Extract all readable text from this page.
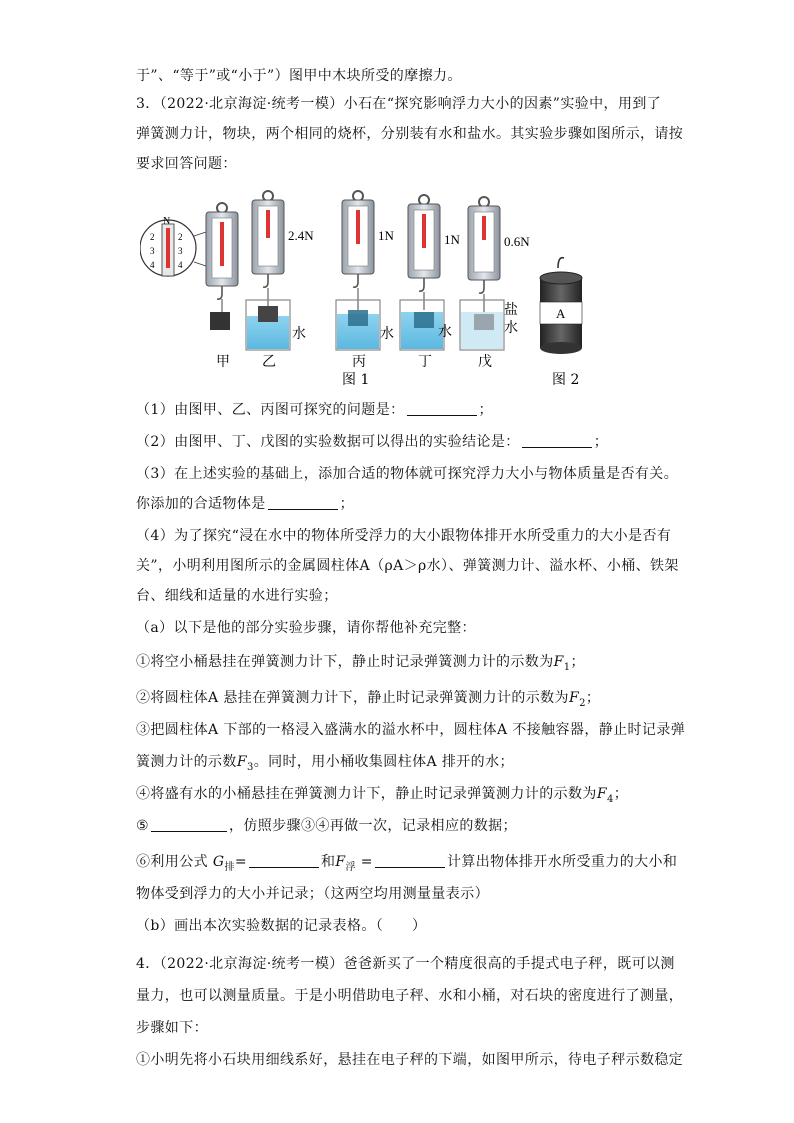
于”、“等于”或“小于”）图甲中木块所受的摩擦力。
3．（2022·北京海淀·统考一模）小石在“探究影响浮力大小的因素”实验中，用到了
弹簧测力计，物块，两个相同的烧杯，分别装有水和盐水。其实验步骤如图所示，请按
要求回答问题：
N
2
3
4
2
3
4
2.4N	1N	1N	0.6N
水	水	水
盐
水
A
甲 乙	丙	丁	戊
图 1	图 2
（1）由图甲、乙、丙图可探究的问题是：	；
（2）由图甲、丁、戊图的实验数据可以得出的实验结论是：	；
（3）在上述实验的基础上，添加合适的物体就可探究浮力大小与物体质量是否有关。
你添加的合适物体是	；
（4）为了探究“浸在水中的物体所受浮力的大小跟物体排开水所受重力的大小是否有
关”，小明利用图所示的金属圆柱体A（ρA＞ρ水）、弹簧测力计、溢水杯、小桶、铁架
台、细线和适量的水进行实验；
（a）以下是他的部分实验步骤，请你帮他补充完整：
①将空小桶悬挂在弹簧测力计下，静止时记录弹簧测力计的示数为$F_1$；
②将圆柱体A 悬挂在弹簧测力计下，静止时记录弹簧测力计的示数为$F_2$；
③把圆柱体A 下部的一格浸入盛满水的溢水杯中，圆柱体A 不接触容器，静止时记录弹
簧测力计的示数$F_3$。同时，用小桶收集圆柱体A 排开的水；
④将盛有水的小桶悬挂在弹簧测力计下，静止时记录弹簧测力计的示数为$F_4$；
⑤	，仿照步骤③④再做一次，记录相应的数据；
⑥利用公式 $G_排=$	和$F_浮$ =	计算出物体排开水所受重力的大小和
物体受到浮力的大小并记录；（这两空均用测量量表示）
（b）画出本次实验数据的记录表格。（　　）
4．（2022·北京海淀·统考一模）爸爸新买了一个精度很高的手提式电子秤，既可以测
量力，也可以测量质量。于是小明借助电子秤、水和小桶，对石块的密度进行了测量，
步骤如下：
①小明先将小石块用细线系好，悬挂在电子秤的下端，如图甲所示，待电子秤示数稳定
